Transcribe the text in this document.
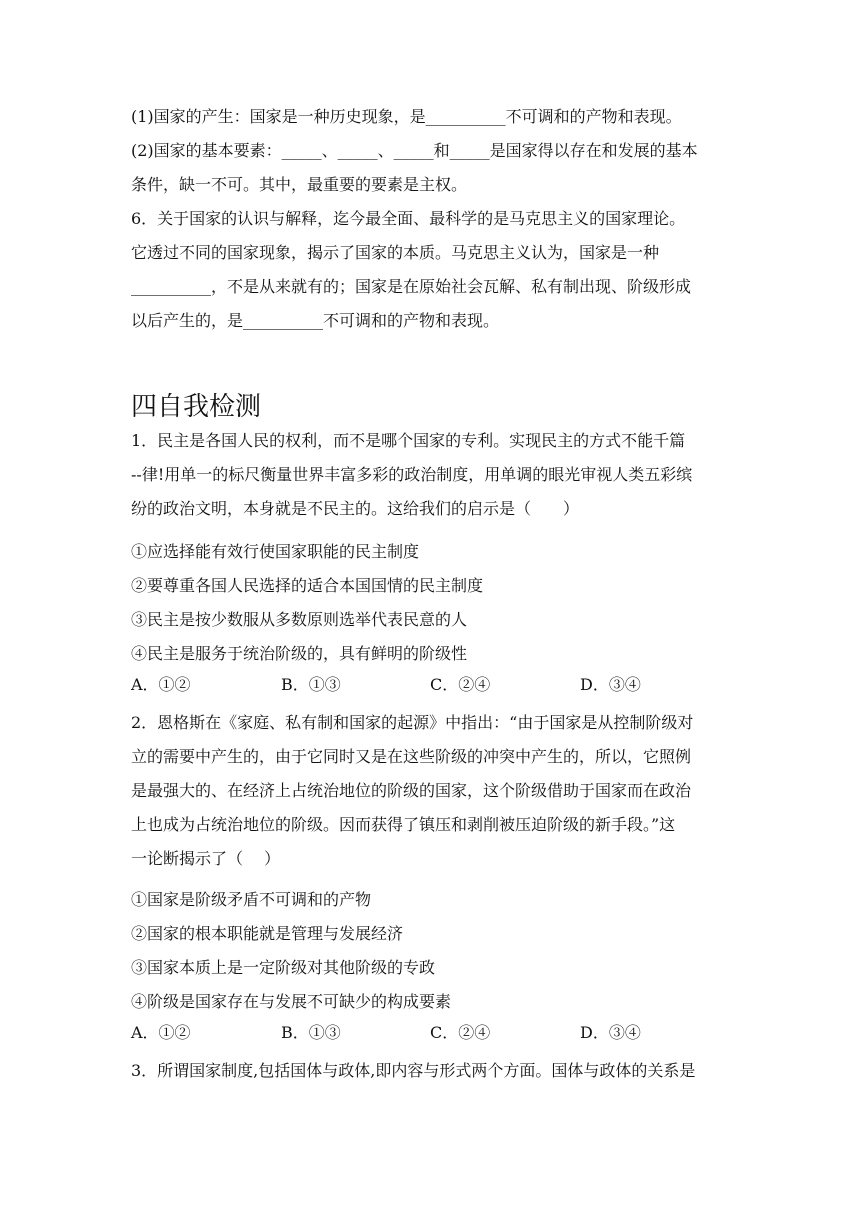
(1)国家的产生：国家是一种历史现象，是__________不可调和的产物和表现。
(2)国家的基本要素：_____、_____、_____和_____是国家得以存在和发展的基本
条件，缺一不可。其中，最重要的要素是主权。
6．关于国家的认识与解释，迄今最全面、最科学的是马克思主义的国家理论。
它透过不同的国家现象，揭示了国家的本质。马克思主义认为，国家是一种
__________，不是从来就有的；国家是在原始社会瓦解、私有制出现、阶级形成
以后产生的，是__________不可调和的产物和表现。
四自我检测
1．民主是各国人民的权利，而不是哪个国家的专利。实现民主的方式不能千篇
--律!用单一的标尺衡量世界丰富多彩的政治制度，用单调的眼光审视人类五彩缤
纷的政治文明，本身就是不民主的。这给我们的启示是（　　）
①应选择能有效行使国家职能的民主制度
②要尊重各国人民选择的适合本国国情的民主制度
③民主是按少数服从多数原则选举代表民意的人
④民主是服务于统治阶级的，具有鲜明的阶级性
A．①②	B．①③	C．②④	D．③④
2．恩格斯在《家庭、私有制和国家的起源》中指出：“由于国家是从控制阶级对
立的需要中产生的，由于它同时又是在这些阶级的冲突中产生的，所以，它照例
是最强大的、在经济上占统治地位的阶级的国家，这个阶级借助于国家而在政治
上也成为占统治地位的阶级。因而获得了镇压和剥削被压迫阶级的新手段。”这
一论断揭示了（　 ）
①国家是阶级矛盾不可调和的产物
②国家的根本职能就是管理与发展经济
③国家本质上是一定阶级对其他阶级的专政
④阶级是国家存在与发展不可缺少的构成要素
A．①②	B．①③	C．②④	D．③④
3．所谓国家制度,包括国体与政体,即内容与形式两个方面。国体与政体的关系是
